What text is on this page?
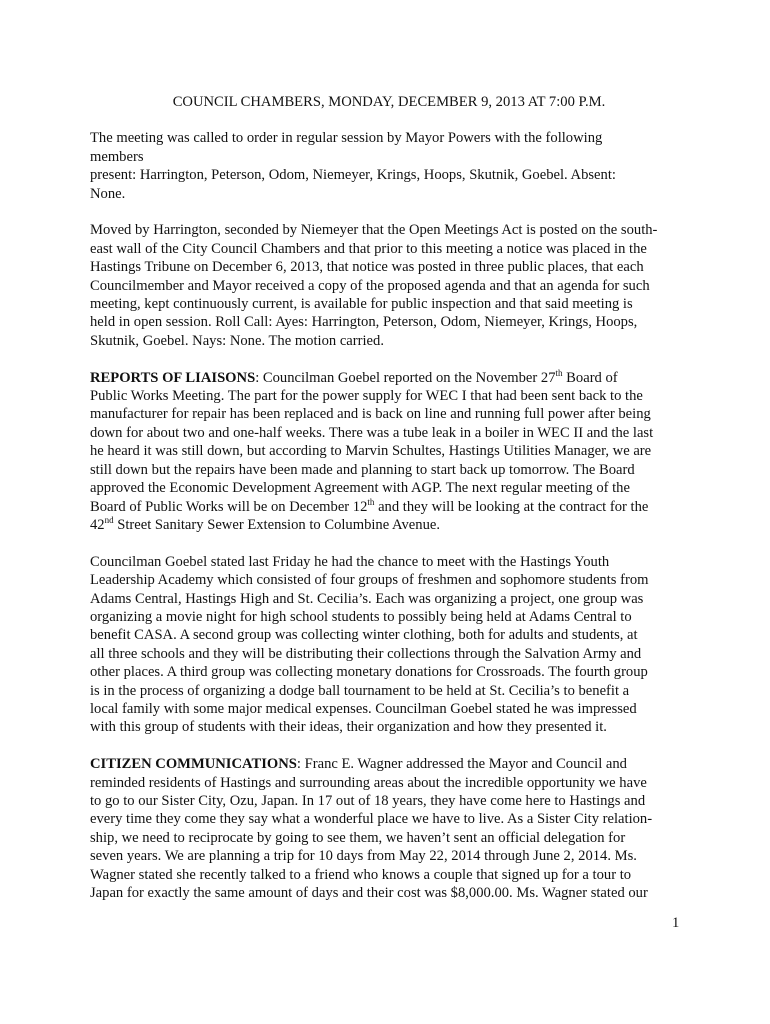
COUNCIL CHAMBERS, MONDAY, DECEMBER 9, 2013 AT 7:00 P.M.

The meeting was called to order in regular session by Mayor Powers with the following
members
present: Harrington, Peterson, Odom, Niemeyer, Krings, Hoops, Skutnik, Goebel. Absent:
None.

Moved by Harrington, seconded by Niemeyer that the Open Meetings Act is posted on the south-
east wall of the City Council Chambers and that prior to this meeting a notice was placed in the
Hastings Tribune on December 6, 2013, that notice was posted in three public places, that each
Councilmember and Mayor received a copy of the proposed agenda and that an agenda for such
meeting, kept continuously current, is available for public inspection and that said meeting is
held in open session. Roll Call: Ayes: Harrington, Peterson, Odom, Niemeyer, Krings, Hoops,
Skutnik, Goebel. Nays: None. The motion carried.

REPORTS OF LIAISONS: Councilman Goebel reported on the November 27th Board of
Public Works Meeting. The part for the power supply for WEC I that had been sent back to the
manufacturer for repair has been replaced and is back on line and running full power after being
down for about two and one-half weeks. There was a tube leak in a boiler in WEC II and the last
he heard it was still down, but according to Marvin Schultes, Hastings Utilities Manager, we are
still down but the repairs have been made and planning to start back up tomorrow. The Board
approved the Economic Development Agreement with AGP. The next regular meeting of the
Board of Public Works will be on December 12th and they will be looking at the contract for the
42nd Street Sanitary Sewer Extension to Columbine Avenue.

Councilman Goebel stated last Friday he had the chance to meet with the Hastings Youth
Leadership Academy which consisted of four groups of freshmen and sophomore students from
Adams Central, Hastings High and St. Cecilia’s. Each was organizing a project, one group was
organizing a movie night for high school students to possibly being held at Adams Central to
benefit CASA. A second group was collecting winter clothing, both for adults and students, at
all three schools and they will be distributing their collections through the Salvation Army and
other places. A third group was collecting monetary donations for Crossroads. The fourth group
is in the process of organizing a dodge ball tournament to be held at St. Cecilia’s to benefit a
local family with some major medical expenses. Councilman Goebel stated he was impressed
with this group of students with their ideas, their organization and how they presented it.

CITIZEN COMMUNICATIONS: Franc E. Wagner addressed the Mayor and Council and
reminded residents of Hastings and surrounding areas about the incredible opportunity we have
to go to our Sister City, Ozu, Japan. In 17 out of 18 years, they have come here to Hastings and
every time they come they say what a wonderful place we have to live. As a Sister City relation-
ship, we need to reciprocate by going to see them, we haven’t sent an official delegation for
seven years. We are planning a trip for 10 days from May 22, 2014 through June 2, 2014. Ms.
Wagner stated she recently talked to a friend who knows a couple that signed up for a tour to
Japan for exactly the same amount of days and their cost was $8,000.00. Ms. Wagner stated our

1
